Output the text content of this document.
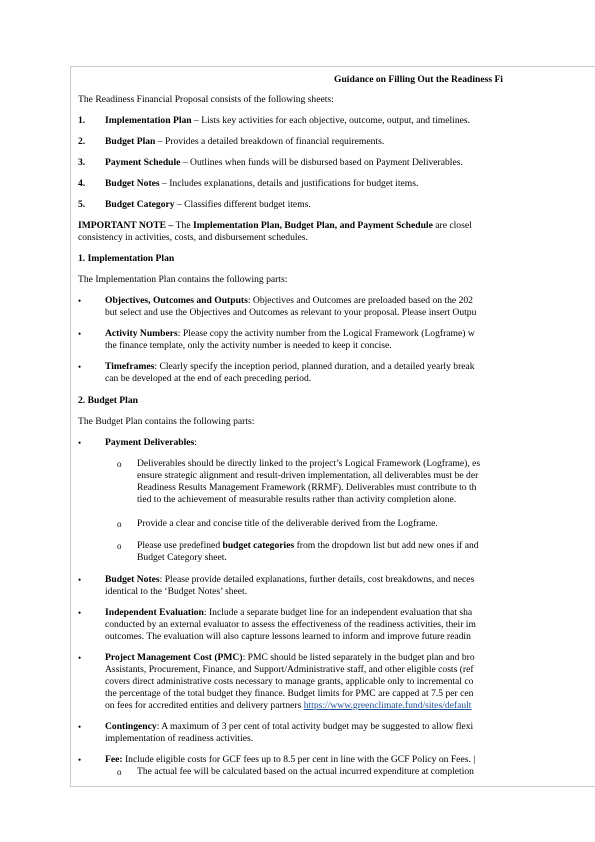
Guidance on Filling Out the Readiness Fi
The Readiness Financial Proposal consists of the following sheets:
1. Implementation Plan – Lists key activities for each objective, outcome, output, and timelines.
2. Budget Plan – Provides a detailed breakdown of financial requirements.
3. Payment Schedule – Outlines when funds will be disbursed based on Payment Deliverables.
4. Budget Notes – Includes explanations, details and justifications for budget items.
5. Budget Category – Classifies different budget items.
IMPORTANT NOTE – The Implementation Plan, Budget Plan, and Payment Schedule are closel
consistency in activities, costs, and disbursement schedules.
1. Implementation Plan
The Implementation Plan contains the following parts:
• Objectives, Outcomes and Outputs: Objectives and Outcomes are preloaded based on the 202
but select and use the Objectives and Outcomes as relevant to your proposal. Please insert Outpu
• Activity Numbers: Please copy the activity number from the Logical Framework (Logframe) w
the finance template, only the activity number is needed to keep it concise.
• Timeframes: Clearly specify the inception period, planned duration, and a detailed yearly break
can be developed at the end of each preceding period.
2. Budget Plan
The Budget Plan contains the following parts:
• Payment Deliverables:
o Deliverables should be directly linked to the project’s Logical Framework (Logframe), es
ensure strategic alignment and result-driven implementation, all deliverables must be der
Readiness Results Management Framework (RRMF). Deliverables must contribute to th
tied to the achievement of measurable results rather than activity completion alone.
o Provide a clear and concise title of the deliverable derived from the Logframe.
o Please use predefined budget categories from the dropdown list but add new ones if and
Budget Category sheet.
• Budget Notes: Please provide detailed explanations, further details, cost breakdowns, and neces
identical to the ‘Budget Notes’ sheet.
• Independent Evaluation: Include a separate budget line for an independent evaluation that sha
conducted by an external evaluator to assess the effectiveness of the readiness activities, their im
outcomes. The evaluation will also capture lessons learned to inform and improve future readin
• Project Management Cost (PMC): PMC should be listed separately in the budget plan and bro
Assistants, Procurement, Finance, and Support/Administrative staff, and other eligible costs (ref
covers direct administrative costs necessary to manage grants, applicable only to incremental co
the percentage of the total budget they finance. Budget limits for PMC are capped at 7.5 per cen
on fees for accredited entities and delivery partners https://www.greenclimate.fund/sites/default
• Contingency: A maximum of 3 per cent of total activity budget may be suggested to allow flexi
implementation of readiness activities.
• Fee: Include eligible costs for GCF fees up to 8.5 per cent in line with the GCF Policy on Fees. |
o The actual fee will be calculated based on the actual incurred expenditure at completion
